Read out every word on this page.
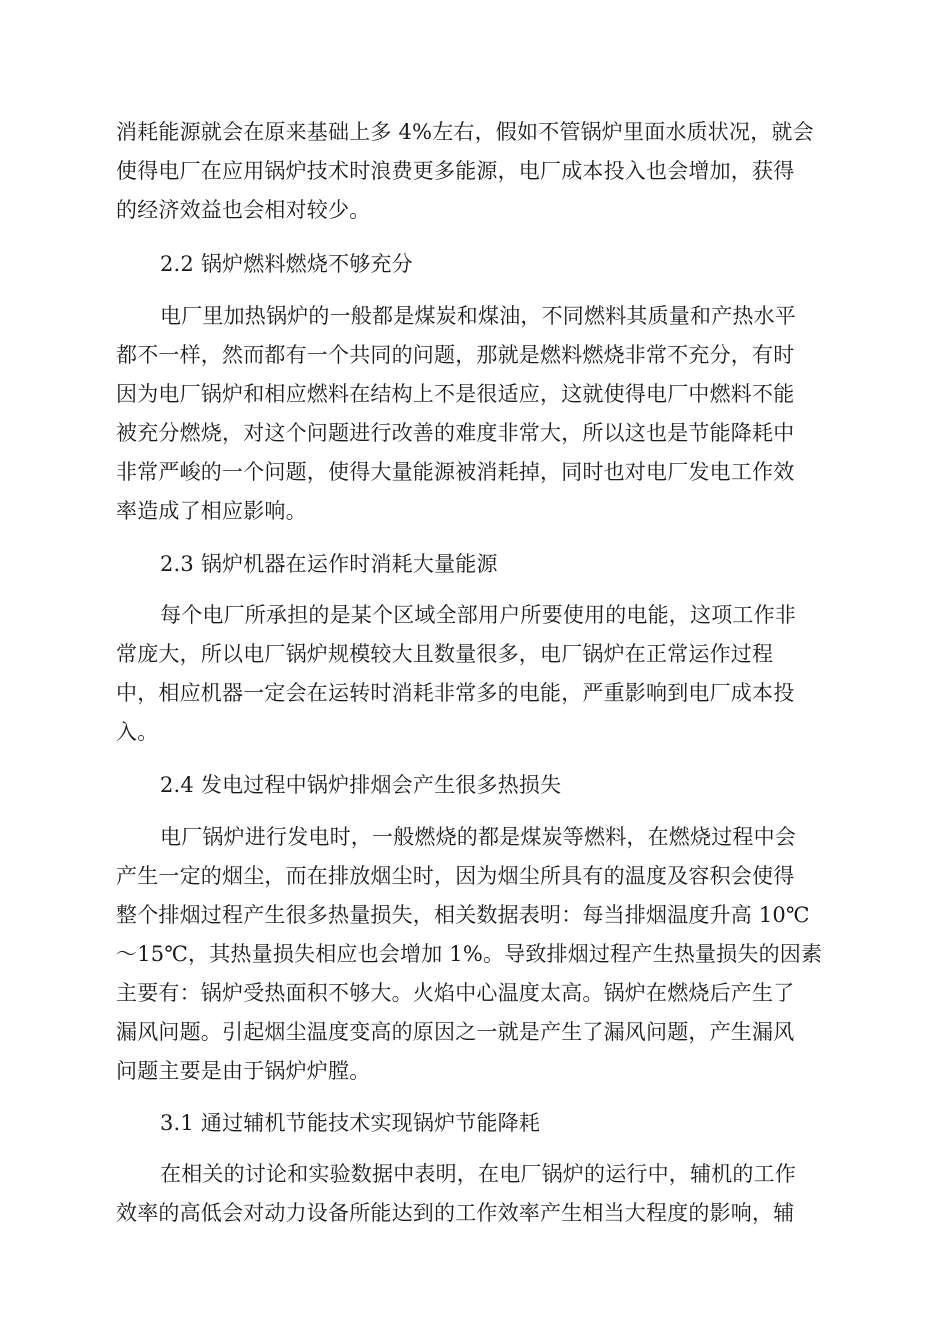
消耗能源就会在原来基础上多 4%左右，假如不管锅炉里面水质状况，就会
使得电厂在应用锅炉技术时浪费更多能源，电厂成本投入也会增加，获得
的经济效益也会相对较少。
2.2 锅炉燃料燃烧不够充分
电厂里加热锅炉的一般都是煤炭和煤油，不同燃料其质量和产热水平
都不一样，然而都有一个共同的问题，那就是燃料燃烧非常不充分，有时
因为电厂锅炉和相应燃料在结构上不是很适应，这就使得电厂中燃料不能
被充分燃烧，对这个问题进行改善的难度非常大，所以这也是节能降耗中
非常严峻的一个问题，使得大量能源被消耗掉，同时也对电厂发电工作效
率造成了相应影响。
2.3 锅炉机器在运作时消耗大量能源
每个电厂所承担的是某个区域全部用户所要使用的电能，这项工作非
常庞大，所以电厂锅炉规模较大且数量很多，电厂锅炉在正常运作过程
中，相应机器一定会在运转时消耗非常多的电能，严重影响到电厂成本投
入。
2.4 发电过程中锅炉排烟会产生很多热损失
电厂锅炉进行发电时，一般燃烧的都是煤炭等燃料，在燃烧过程中会
产生一定的烟尘，而在排放烟尘时，因为烟尘所具有的温度及容积会使得
整个排烟过程产生很多热量损失，相关数据表明：每当排烟温度升高 10℃
～15℃，其热量损失相应也会增加 1%。导致排烟过程产生热量损失的因素
主要有：锅炉受热面积不够大。火焰中心温度太高。锅炉在燃烧后产生了
漏风问题。引起烟尘温度变高的原因之一就是产生了漏风问题，产生漏风
问题主要是由于锅炉炉膛。
3.1 通过辅机节能技术实现锅炉节能降耗
在相关的讨论和实验数据中表明，在电厂锅炉的运行中，辅机的工作
效率的高低会对动力设备所能达到的工作效率产生相当大程度的影响，辅
